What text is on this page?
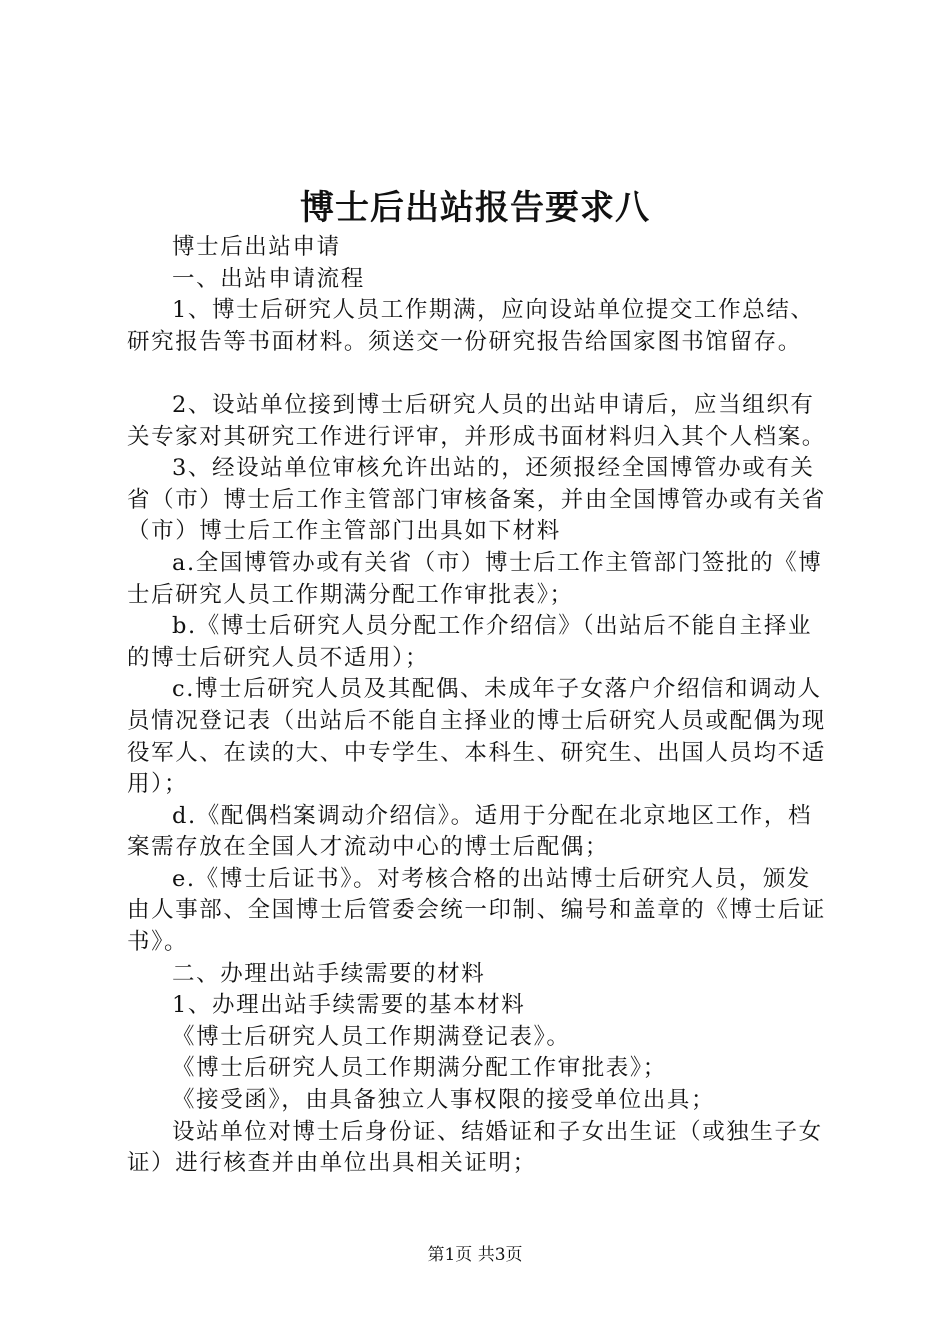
博士后出站报告要求八

博士后出站申请

一、出站申请流程

1、博士后研究人员工作期满，应向设站单位提交工作总结、研究报告等书面材料。须送交一份研究报告给国家图书馆留存。

2、设站单位接到博士后研究人员的出站申请后，应当组织有关专家对其研究工作进行评审，并形成书面材料归入其个人档案。

3、经设站单位审核允许出站的，还须报经全国博管办或有关省（市）博士后工作主管部门审核备案，并由全国博管办或有关省（市）博士后工作主管部门出具如下材料

a.全国博管办或有关省（市）博士后工作主管部门签批的《博士后研究人员工作期满分配工作审批表》；

b.《博士后研究人员分配工作介绍信》（出站后不能自主择业的博士后研究人员不适用）；

c.博士后研究人员及其配偶、未成年子女落户介绍信和调动人员情况登记表（出站后不能自主择业的博士后研究人员或配偶为现役军人、在读的大、中专学生、本科生、研究生、出国人员均不适用）；

d.《配偶档案调动介绍信》。适用于分配在北京地区工作，档案需存放在全国人才流动中心的博士后配偶；

e.《博士后证书》。对考核合格的出站博士后研究人员，颁发由人事部、全国博士后管委会统一印制、编号和盖章的《博士后证书》。

二、办理出站手续需要的材料

1、办理出站手续需要的基本材料

《博士后研究人员工作期满登记表》。

《博士后研究人员工作期满分配工作审批表》；

《接受函》，由具备独立人事权限的接受单位出具；

设站单位对博士后身份证、结婚证和子女出生证（或独生子女证）进行核查并由单位出具相关证明；

第1页 共3页
